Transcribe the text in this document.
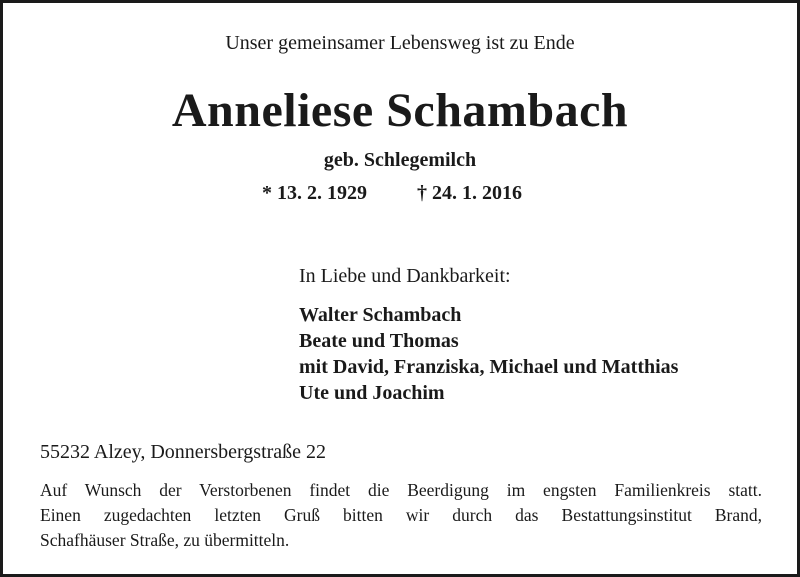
Unser gemeinsamer Lebensweg ist zu Ende
Anneliese Schambach
geb. Schlegemilch
* 13. 2. 1929	† 24. 1. 2016
In Liebe und Dankbarkeit:
Walter Schambach
Beate und Thomas
mit David, Franziska, Michael und Matthias
Ute und Joachim
55232 Alzey, Donnersbergstraße 22
Auf Wunsch der Verstorbenen findet die Beerdigung im engsten Familienkreis statt.
Einen zugedachten letzten Gruß bitten wir durch das Bestattungsinstitut Brand,
Schafhäuser Straße, zu übermitteln.
